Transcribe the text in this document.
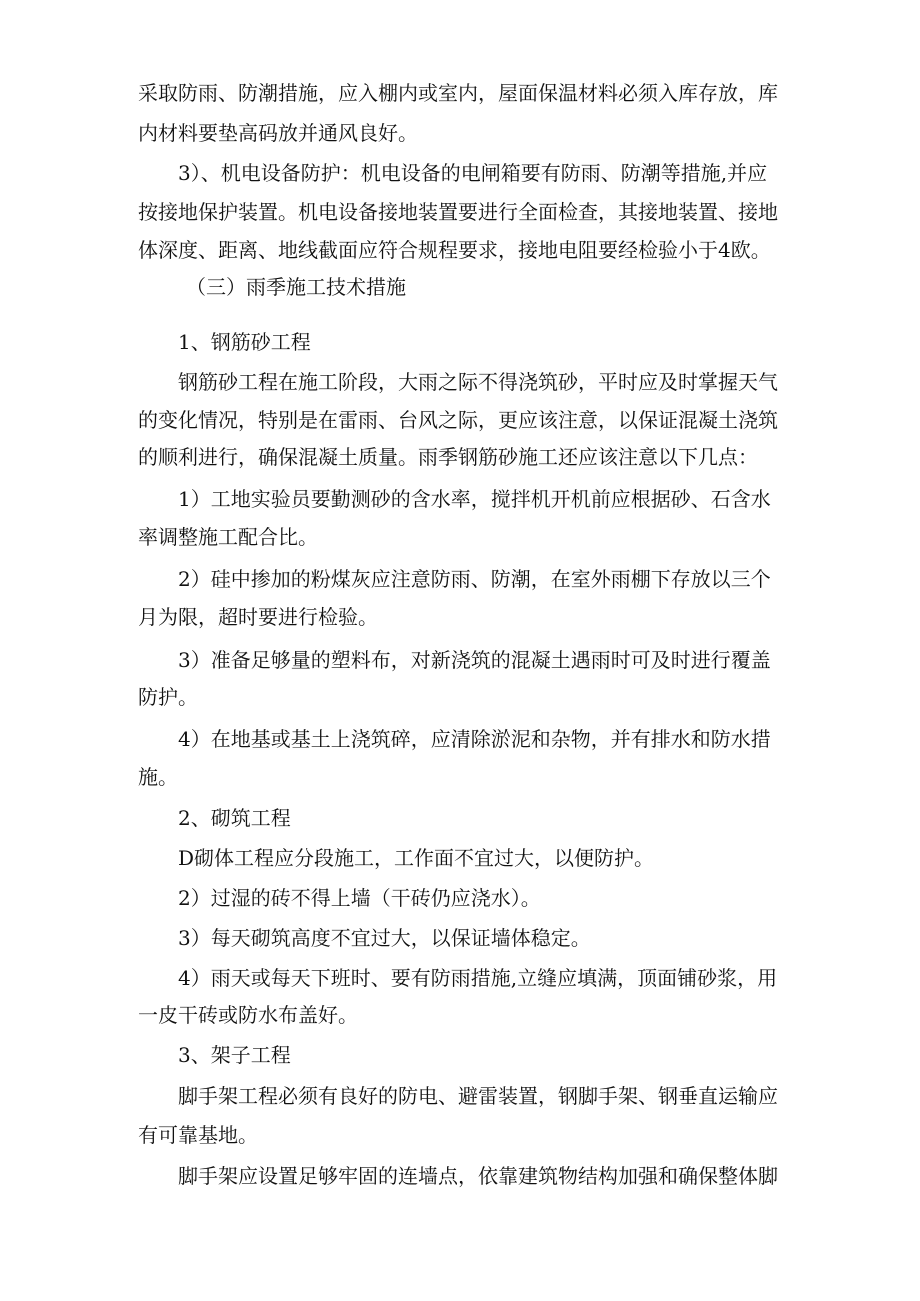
采取防雨、防潮措施，应入棚内或室内，屋面保温材料必须入库存放，库
内材料要垫高码放并通风良好。
3）、机电设备防护：机电设备的电闸箱要有防雨、防潮等措施,并应
按接地保护装置。机电设备接地装置要进行全面检查，其接地装置、接地
体深度、距离、地线截面应符合规程要求，接地电阻要经检验小于4欧。
（三）雨季施工技术措施
1、钢筋砂工程
钢筋砂工程在施工阶段，大雨之际不得浇筑砂，平时应及时掌握天气
的变化情况，特别是在雷雨、台风之际，更应该注意，以保证混凝土浇筑
的顺利进行，确保混凝土质量。雨季钢筋砂施工还应该注意以下几点：
1）工地实验员要勤测砂的含水率，搅拌机开机前应根据砂、石含水
率调整施工配合比。
2）硅中掺加的粉煤灰应注意防雨、防潮，在室外雨棚下存放以三个
月为限，超时要进行检验。
3）准备足够量的塑料布，对新浇筑的混凝土遇雨时可及时进行覆盖
防护。
4）在地基或基土上浇筑碎，应清除淤泥和杂物，并有排水和防水措
施。
2、砌筑工程
D砌体工程应分段施工，工作面不宜过大，以便防护。
2）过湿的砖不得上墙（干砖仍应浇水）。
3）每天砌筑高度不宜过大，以保证墙体稳定。
4）雨天或每天下班时、要有防雨措施,立缝应填满，顶面铺砂浆，用
一皮干砖或防水布盖好。
3、架子工程
脚手架工程必须有良好的防电、避雷装置，钢脚手架、钢垂直运输应
有可靠基地。
脚手架应设置足够牢固的连墙点，依靠建筑物结构加强和确保整体脚
